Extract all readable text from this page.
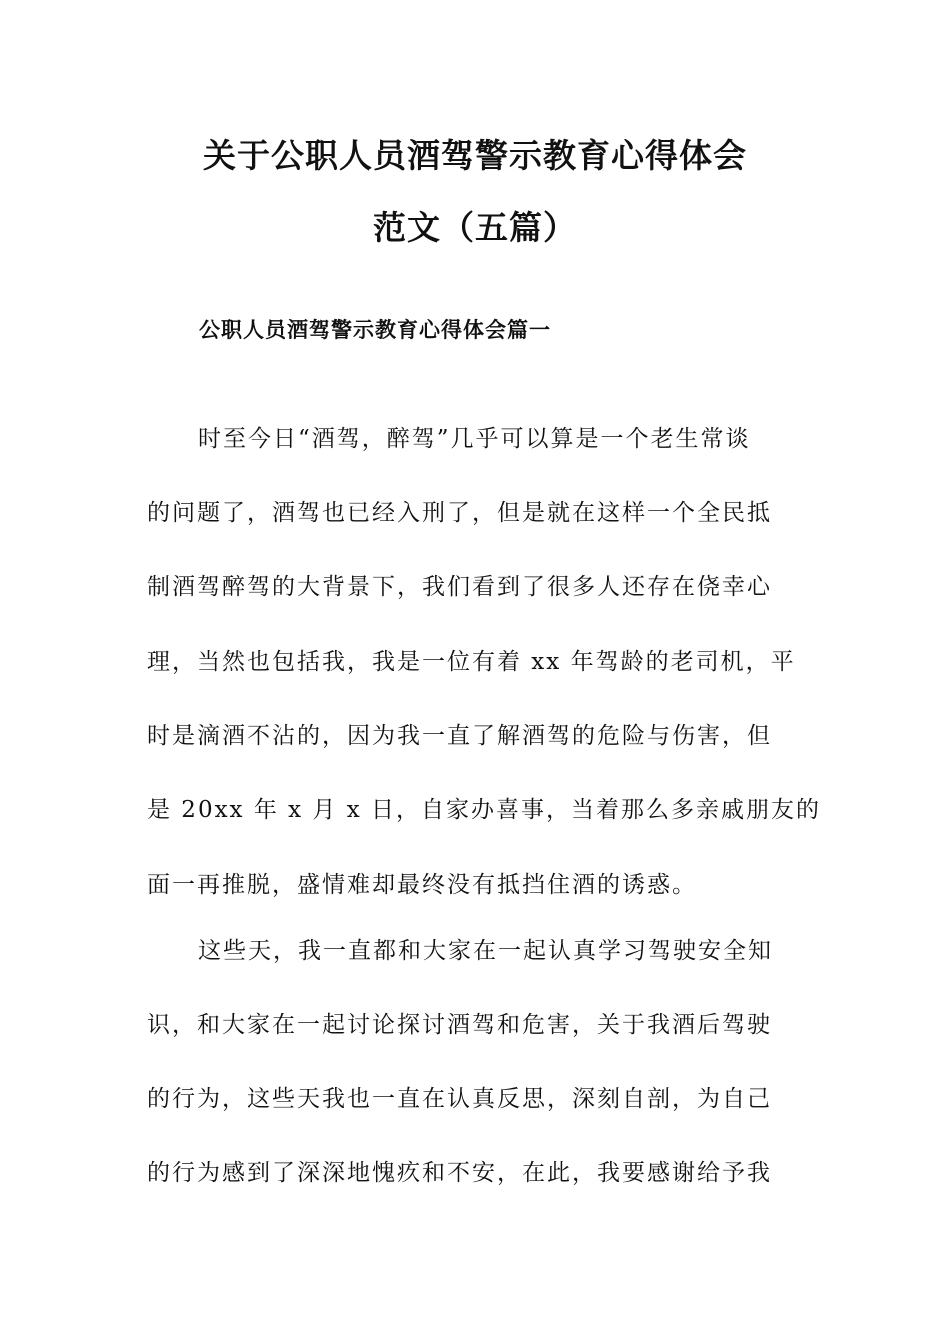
关于公职人员酒驾警示教育心得体会
范文（五篇）
公职人员酒驾警示教育心得体会篇一
时至今日“酒驾，醉驾”几乎可以算是一个老生常谈
的问题了，酒驾也已经入刑了，但是就在这样一个全民抵
制酒驾醉驾的大背景下，我们看到了很多人还存在侥幸心
理，当然也包括我，我是一位有着 xx 年驾龄的老司机，平
时是滴酒不沾的，因为我一直了解酒驾的危险与伤害，但
是 20xx 年 x 月 x 日，自家办喜事，当着那么多亲戚朋友的
面一再推脱，盛情难却最终没有抵挡住酒的诱惑。
这些天，我一直都和大家在一起认真学习驾驶安全知
识，和大家在一起讨论探讨酒驾和危害，关于我酒后驾驶
的行为，这些天我也一直在认真反思，深刻自剖，为自己
的行为感到了深深地愧疚和不安，在此，我要感谢给予我
